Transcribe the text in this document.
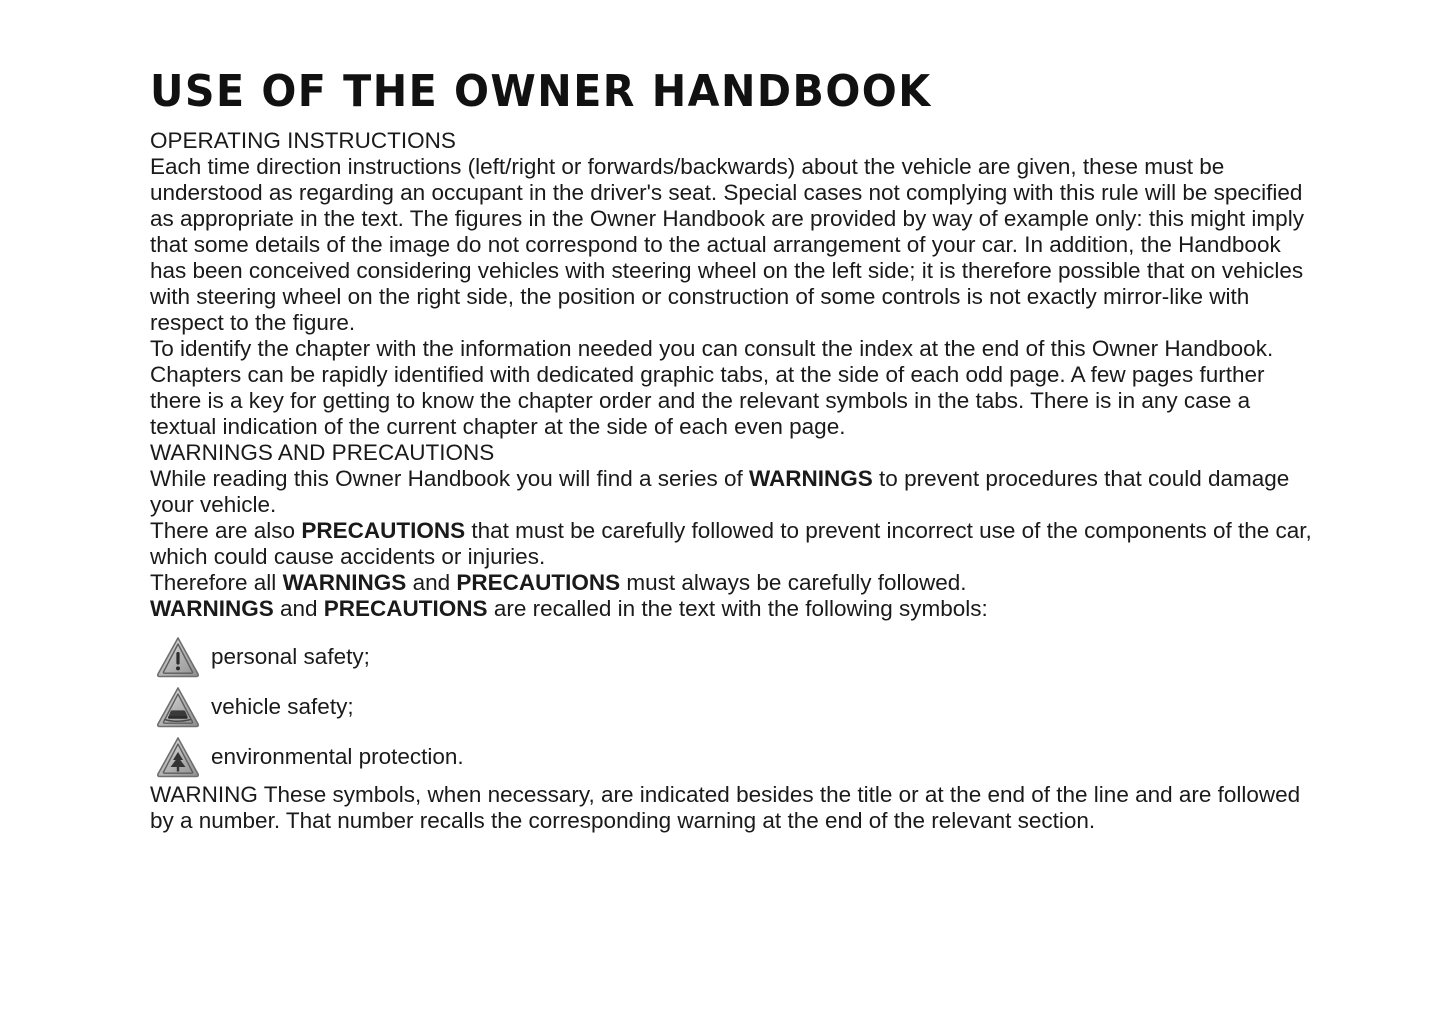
USE OF THE OWNER HANDBOOK
OPERATING INSTRUCTIONS

Each time direction instructions (left/right or forwards/backwards) about the vehicle are given, these must be understood as regarding an occupant in the driver's seat. Special cases not complying with this rule will be specified as appropriate in the text. The figures in the Owner Handbook are provided by way of example only: this might imply that some details of the image do not correspond to the actual arrangement of your car. In addition, the Handbook has been conceived considering vehicles with steering wheel on the left side; it is therefore possible that on vehicles with steering wheel on the right side, the position or construction of some controls is not exactly mirror-like with respect to the figure.

To identify the chapter with the information needed you can consult the index at the end of this Owner Handbook.

Chapters can be rapidly identified with dedicated graphic tabs, at the side of each odd page. A few pages further there is a key for getting to know the chapter order and the relevant symbols in the tabs. There is in any case a textual indication of the current chapter at the side of each even page.

WARNINGS AND PRECAUTIONS

While reading this Owner Handbook you will find a series of WARNINGS to prevent procedures that could damage your vehicle.

There are also PRECAUTIONS that must be carefully followed to prevent incorrect use of the components of the car, which could cause accidents or injuries.

Therefore all WARNINGS and PRECAUTIONS must always be carefully followed.

WARNINGS and PRECAUTIONS are recalled in the text with the following symbols:

personal safety;
vehicle safety;
environmental protection.

WARNING These symbols, when necessary, are indicated besides the title or at the end of the line and are followed by a number. That number recalls the corresponding warning at the end of the relevant section.
